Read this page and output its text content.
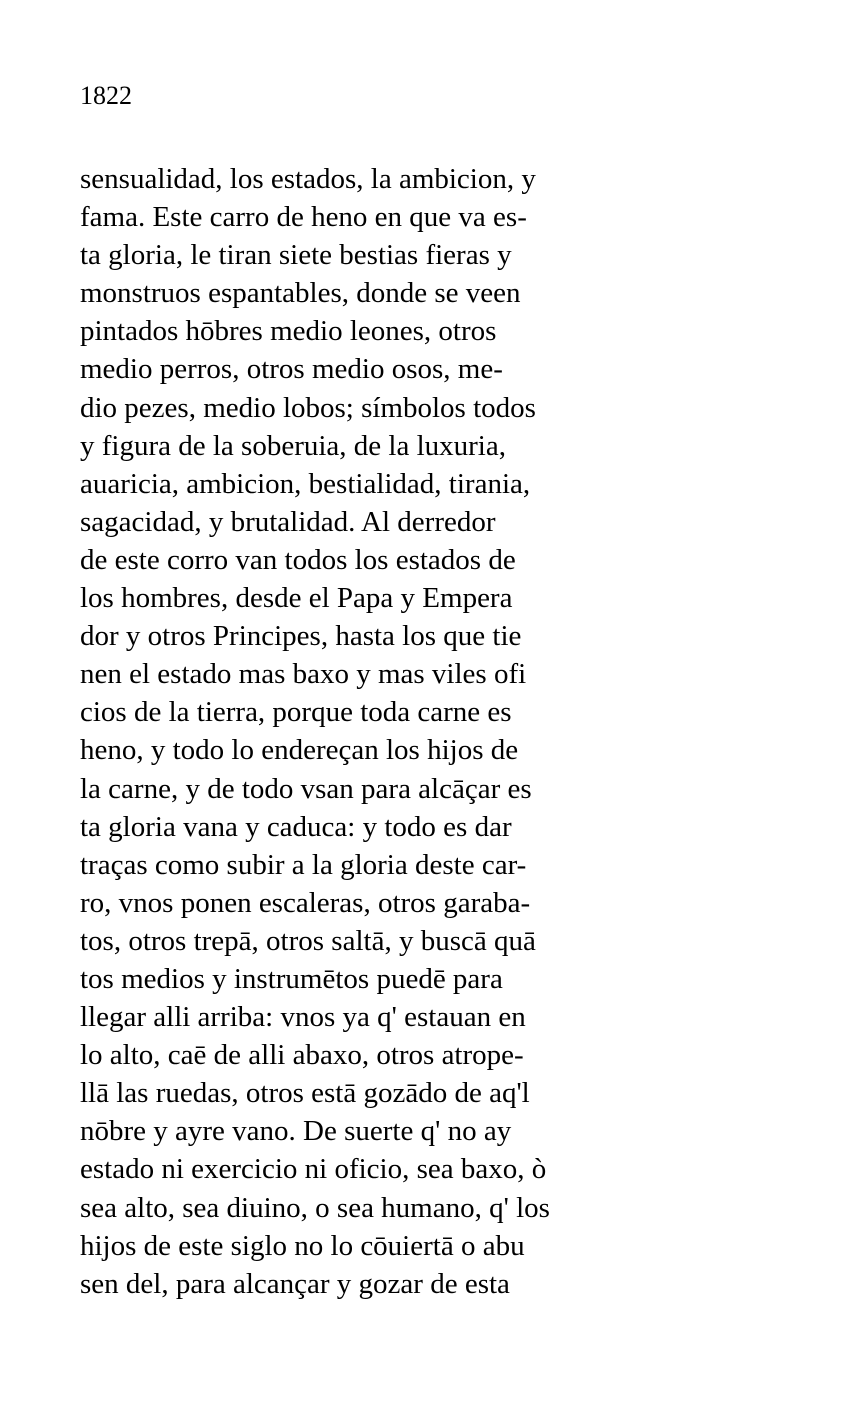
1822
sensualidad, los estados, la ambicion, y
fama. Este carro de heno en que va es-
ta gloria, le tiran siete bestias fieras y
monstruos espantables, donde se veen
pintados hōbres medio leones, otros
medio perros, otros medio osos, me-
dio pezes, medio lobos; símbolos todos
y figura de la soberuia, de la luxuria,
auaricia, ambicion, bestialidad, tirania,
sagacidad, y brutalidad. Al derredor
de este corro van todos los estados de
los hombres, desde el Papa y Empera
dor y otros Principes, hasta los que tie
nen el estado mas baxo y mas viles ofi
cios de la tierra, porque toda carne es
heno, y todo lo endereçan los hijos de
la carne, y de todo vsan para alcāçar es
ta gloria vana y caduca: y todo es dar
traças como subir a la gloria deste car-
ro, vnos ponen escaleras, otros garaba-
tos, otros trepā, otros saltā, y buscā quā
tos medios y instrumētos puedē para
llegar alli arriba: vnos ya q' estauan en
lo alto, caē de alli abaxo, otros atrope-
llā las ruedas, otros estā gozādo de aq'l
nōbre y ayre vano. De suerte q' no ay
estado ni exercicio ni oficio, sea baxo, ò
sea alto, sea diuino, o sea humano, q' los
hijos de este siglo no lo cōuiertā o abu
sen del, para alcançar y gozar de esta
